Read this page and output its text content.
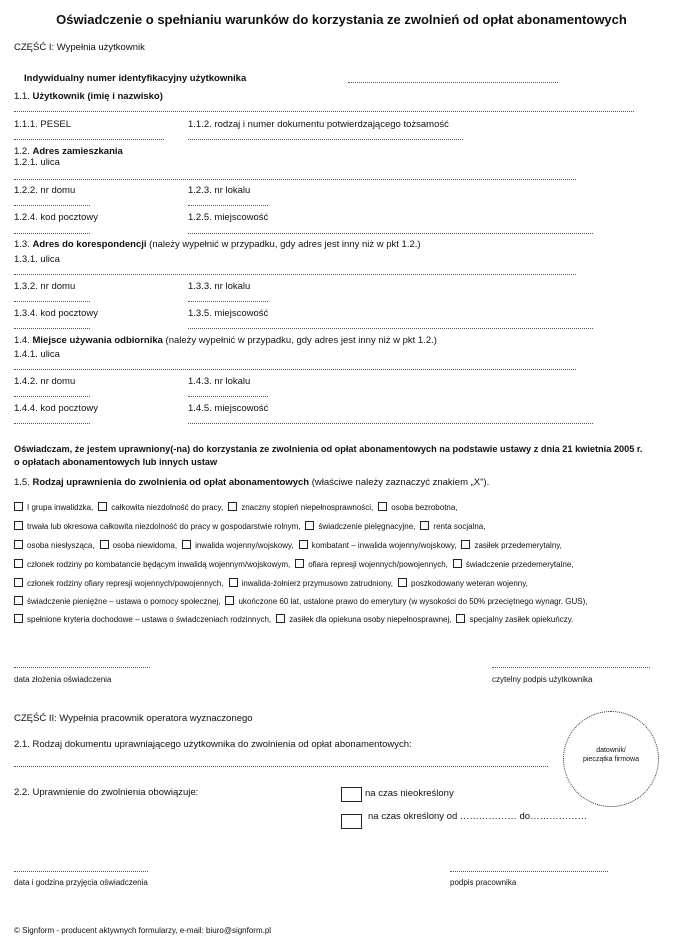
Oświadczenie o spełnianiu warunków do korzystania ze zwolnień od opłat abonamentowych
CZĘŚĆ I: Wypełnia użytkownik
Indywidualny numer identyfikacyjny użytkownika
1.1. Użytkownik (imię i nazwisko)
1.1.1. PESEL	1.1.2. rodzaj i numer dokumentu potwierdzającego tożsamość
1.2. Adres zamieszkania
1.2.1. ulica
1.2.2. nr domu	1.2.3. nr lokalu
1.2.4. kod pocztowy	1.2.5. miejscowość
1.3. Adres do korespondencji (należy wypełnić w przypadku, gdy adres jest inny niż w pkt 1.2.)
1.3.1. ulica
1.3.2. nr domu	1.3.3. nr lokalu
1.3.4. kod pocztowy	1.3.5. miejscowość
1.4. Miejsce używania odbiornika (należy wypełnić w przypadku, gdy adres jest inny niż w pkt 1.2.)
1.4.1. ulica
1.4.2. nr domu	1.4.3. nr lokalu
1.4.4. kod pocztowy	1.4.5. miejscowość
Oświadczam, że jestem uprawniony(-na) do korzystania ze zwolnienia od opłat abonamentowych na podstawie ustawy z dnia 21 kwietnia 2005 r.
o opłatach abonamentowych lub innych ustaw
1.5. Rodzaj uprawnienia do zwolnienia od opłat abonamentowych (właściwe należy zaznaczyć znakiem „X").
I grupa inwalidzka, całkowita niezdolność do pracy, znaczny stopień niepełnosprawności, osoba bezrobotna,
trwała lub okresowa całkowita niezdolność do pracy w gospodarstwie rolnym, świadczenie pielęgnacyjne, renta socjalna,
osoba niesłysząca, osoba niewidoma, inwalida wojenny/wojskowy, kombatant – inwalida wojenny/wojskowy, zasiłek przedemerytalny,
członek rodziny po kombatancie będącym inwalidą wojennym/wojskowym, ofiara represji wojennych/powojennych, świadczenie przedemerytalne,
członek rodziny ofiary represji wojennych/powojennych, inwalida-żołnierz przymusowo zatrudniony, poszkodowany weteran wojenny,
świadczenie pieniężne – ustawa o pomocy społecznej, ukończone 60 lat, ustalone prawo do emerytury (w wysokości do 50% przeciętnego wynagr. GUS),
spełnione kryteria dochodowe – ustawa o świadczeniach rodzinnych, zasiłek dla opiekuna osoby niepełnosprawnej, specjalny zasiłek opiekuńczy.
data złożenia oświadczenia	czytelny podpis użytkownika
CZĘŚĆ II: Wypełnia pracownik operatora wyznaczonego
2.1. Rodzaj dokumentu uprawniającego użytkownika do zwolnienia od opłat abonamentowych:
datownik/
pieczątka firmowa
2.2. Uprawnienie do zwolnienia obowiązuje:	na czas nieokreślony
na czas określony od ……………… do………………
data i godzina przyjęcia oświadczenia	podpis pracownika
© Signform - producent aktywnych formularzy, e-mail: biuro@signform.pl
